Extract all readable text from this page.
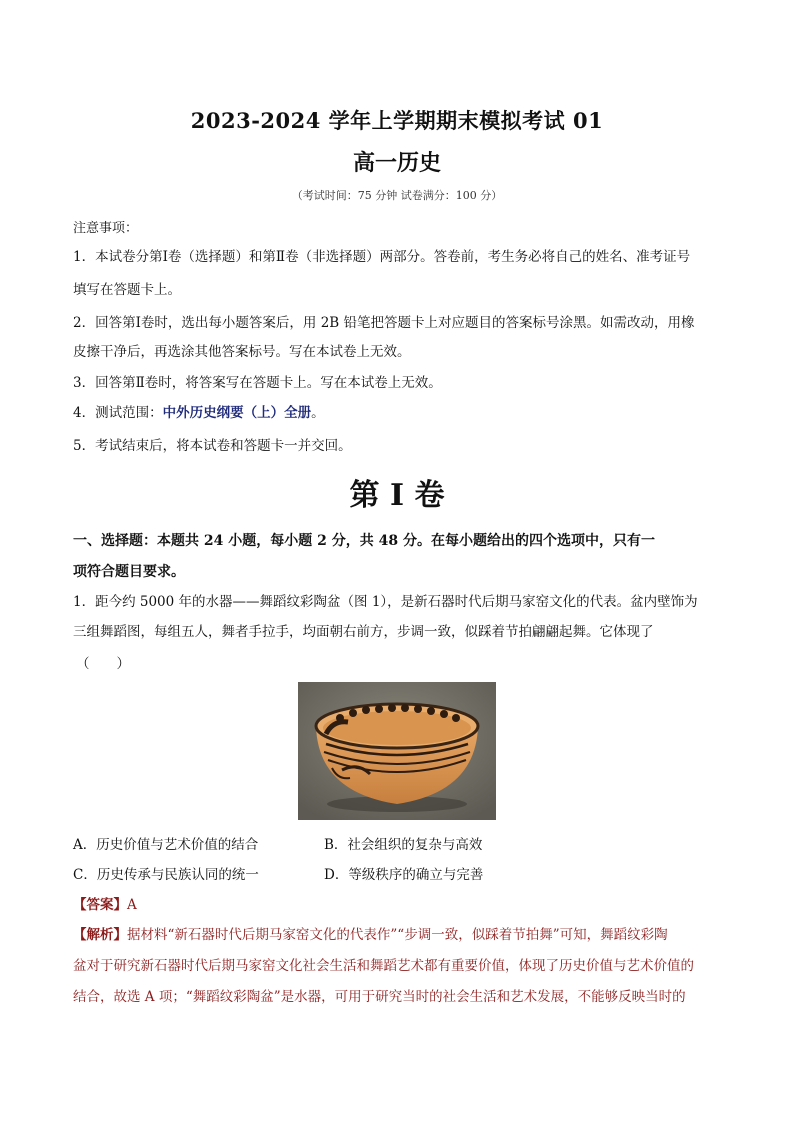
2023-2024 学年上学期期末模拟考试 01
高一历史
（考试时间：75 分钟 试卷满分：100 分）
注意事项：
1．本试卷分第Ⅰ卷（选择题）和第Ⅱ卷（非选择题）两部分。答卷前，考生务必将自己的姓名、准考证号
填写在答题卡上。
2．回答第Ⅰ卷时，选出每小题答案后，用 2B 铅笔把答题卡上对应题目的答案标号涂黑。如需改动，用橡
皮擦干净后，再选涂其他答案标号。写在本试卷上无效。
3．回答第Ⅱ卷时，将答案写在答题卡上。写在本试卷上无效。
4．测试范围：中外历史纲要（上）全册。
5．考试结束后，将本试卷和答题卡一并交回。
第 I 卷
一、选择题：本题共 24 小题，每小题 2 分，共 48 分。在每小题给出的四个选项中，只有一
项符合题目要求。
1．距今约 5000 年的水器——舞蹈纹彩陶盆（图 1），是新石器时代后期马家窑文化的代表。盆内壁饰为
三组舞蹈图，每组五人，舞者手拉手，均面朝右前方，步调一致，似踩着节拍翩翩起舞。它体现了
（　　）
A．历史价值与艺术价值的结合	B．社会组织的复杂与高效
C．历史传承与民族认同的统一	D．等级秩序的确立与完善
【答案】A
【解析】据材料“新石器时代后期马家窑文化的代表作”“步调一致，似踩着节拍舞”可知，舞蹈纹彩陶
盆对于研究新石器时代后期马家窑文化社会生活和舞蹈艺术都有重要价值，体现了历史价值与艺术价值的
结合，故选 A 项；“舞蹈纹彩陶盆”是水器，可用于研究当时的社会生活和艺术发展，不能够反映当时的
